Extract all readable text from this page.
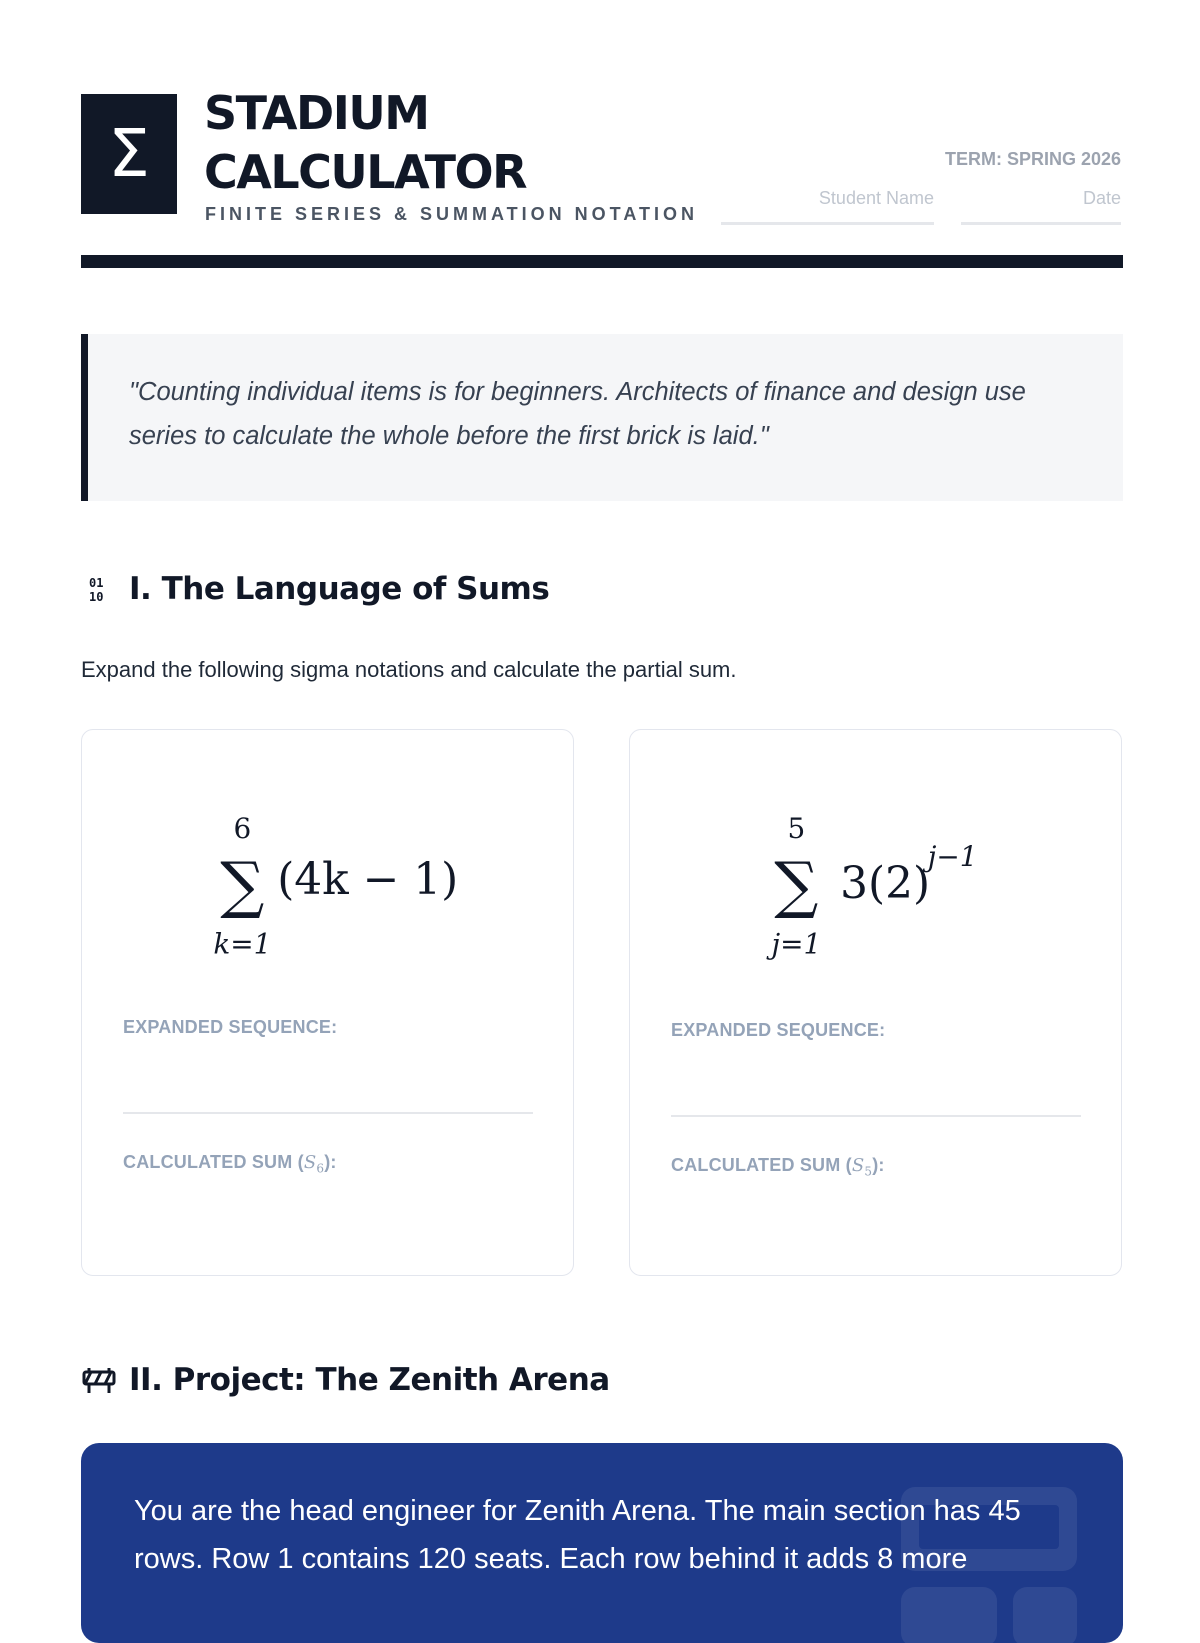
Σ
STADIUM
CALCULATOR
FINITE SERIES & SUMMATION NOTATION
TERM: SPRING 2026
Student Name	Date
"Counting individual items is for beginners. Architects of finance and design use series to calculate the whole before the first brick is laid."
01
10 I. The Language of Sums
Expand the following sigma notations and calculate the partial sum.
6
∑
k=1
(4k − 1)
EXPANDED SEQUENCE:
CALCULATED SUM $(S_6)$:
5
∑
j=1
3(2)
j−1
EXPANDED SEQUENCE:
CALCULATED SUM $(S_5)$:
II. Project: The Zenith Arena
You are the head engineer for Zenith Arena. The main section has 45 rows. Row 1 contains 120 seats. Each row behind it adds 8 more
